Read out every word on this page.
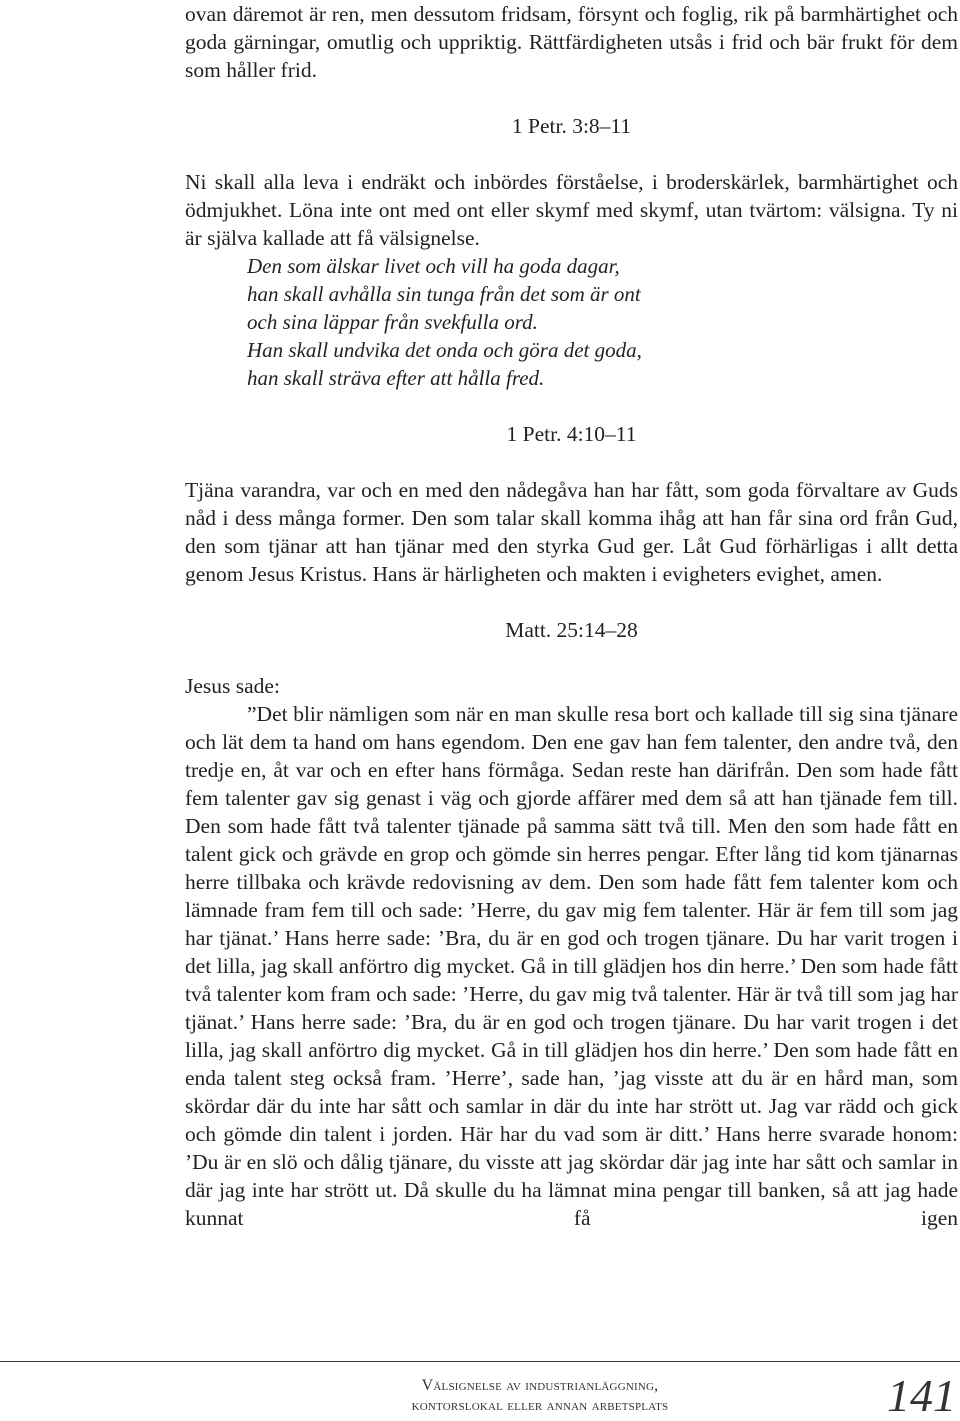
ovan däremot är ren, men dessutom fridsam, försynt och foglig, rik på barmhärtighet och goda gärningar, omutlig och uppriktig. Rättfärdigheten utsås i frid och bär frukt för dem som håller frid.

1 Petr. 3:8–11

Ni skall alla leva i endräkt och inbördes förståelse, i broderskärlek, barmhärtighet och ödmjukhet. Löna inte ont med ont eller skymf med skymf, utan tvärtom: välsigna. Ty ni är själva kallade att få välsignelse.

Den som älskar livet och vill ha goda dagar,

han skall avhålla sin tunga från det som är ont

och sina läppar från svekfulla ord.

Han skall undvika det onda och göra det goda,

han skall sträva efter att hålla fred.

1 Petr. 4:10–11

Tjäna varandra, var och en med den nådegåva han har fått, som goda förvaltare av Guds nåd i dess många former. Den som talar skall komma ihåg att han får sina ord från Gud, den som tjänar att han tjänar med den styrka Gud ger. Låt Gud förhärligas i allt detta genom Jesus Kristus. Hans är härligheten och makten i evigheters evighet, amen.

Matt. 25:14–28

Jesus sade:

”Det blir nämligen som när en man skulle resa bort och kallade till sig sina tjänare och lät dem ta hand om hans egendom. Den ene gav han fem talenter, den andre två, den tredje en, åt var och en efter hans förmåga. Sedan reste han därifrån. Den som hade fått fem talenter gav sig genast i väg och gjorde affärer med dem så att han tjänade fem till. Den som hade fått två talenter tjänade på samma sätt två till. Men den som hade fått en talent gick och grävde en grop och gömde sin herres pengar. Efter lång tid kom tjänarnas herre tillbaka och krävde redovisning av dem. Den som hade fått fem talenter kom och lämnade fram fem till och sade: ’Herre, du gav mig fem talenter. Här är fem till som jag har tjänat.’ Hans herre sade: ’Bra, du är en god och trogen tjänare. Du har varit trogen i det lilla, jag skall anförtro dig mycket. Gå in till glädjen hos din herre.’ Den som hade fått två talenter kom fram och sade: ’Herre, du gav mig två talenter. Här är två till som jag har tjänat.’ Hans herre sade: ’Bra, du är en god och trogen tjänare. Du har varit trogen i det lilla, jag skall anförtro dig mycket. Gå in till glädjen hos din herre.’ Den som hade fått en enda talent steg också fram. ’Herre’, sade han, ’jag visste att du är en hård man, som skördar där du inte har sått och samlar in där du inte har strött ut. Jag var rädd och gick och gömde din talent i jorden. Här har du vad som är ditt.’ Hans herre svarade honom: ’Du är en slö och dålig tjänare, du visste att jag skördar där jag inte har sått och samlar in där jag inte har strött ut. Då skulle du ha lämnat mina pengar till banken, så att jag hade kunnat få igen

Välsignelse av industrianläggning,
kontorslokal eller annan arbetsplats	141
